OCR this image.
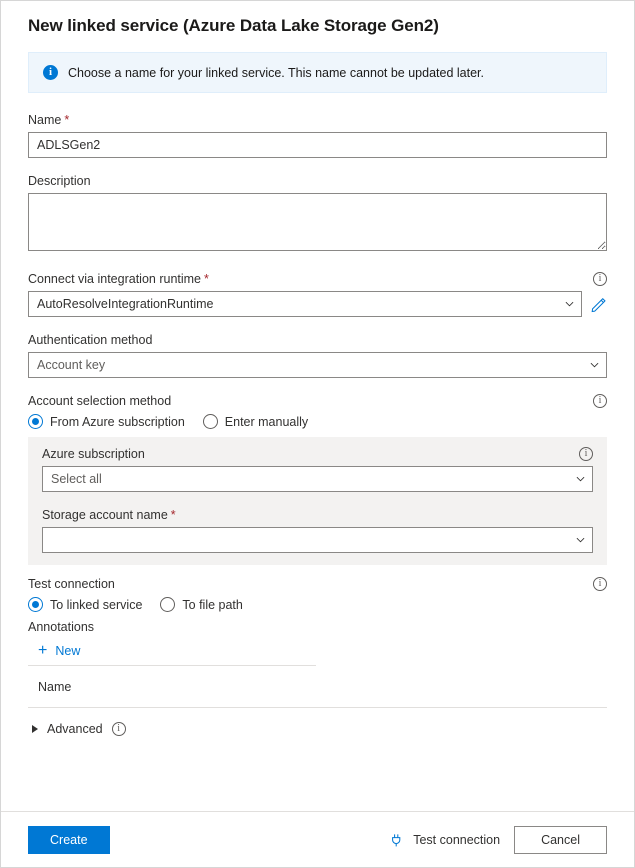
New linked service (Azure Data Lake Storage Gen2)
i	Choose a name for your linked service. This name cannot be updated later.
Name *
ADLSGen2
Description
Connect via integration runtime *	i
AutoResolveIntegrationRuntime
Authentication method
Account key
Account selection method	i
From Azure subscription	Enter manually
Azure subscription	i
Select all
Storage account name *
Test connection	i
To linked service	To file path
Annotations
+ New
Name
Advanced	i
Create	Test connection	Cancel
